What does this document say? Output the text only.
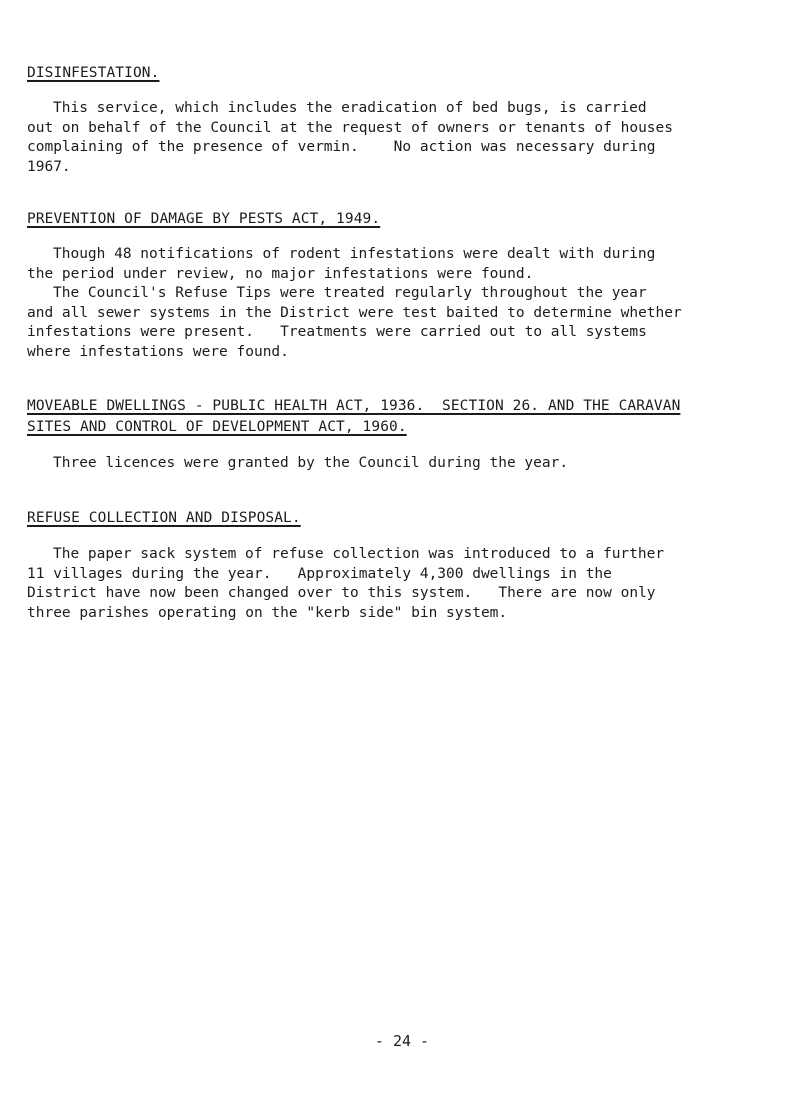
DISINFESTATION.
This service, which includes the eradication of bed bugs, is carried
out on behalf of the Council at the request of owners or tenants of houses
complaining of the presence of vermin.    No action was necessary during
1967.
PREVENTION OF DAMAGE BY PESTS ACT, 1949.
Though 48 notifications of rodent infestations were dealt with during
the period under review, no major infestations were found.
The Council's Refuse Tips were treated regularly throughout the year
and all sewer systems in the District were test baited to determine whether
infestations were present.   Treatments were carried out to all systems
where infestations were found.
MOVEABLE DWELLINGS - PUBLIC HEALTH ACT, 1936.  SECTION 26. AND THE CARAVAN
SITES AND CONTROL OF DEVELOPMENT ACT, 1960.
Three licences were granted by the Council during the year.
REFUSE COLLECTION AND DISPOSAL.
The paper sack system of refuse collection was introduced to a further
11 villages during the year.   Approximately 4,300 dwellings in the
District have now been changed over to this system.   There are now only
three parishes operating on the "kerb side" bin system.
- 24 -
